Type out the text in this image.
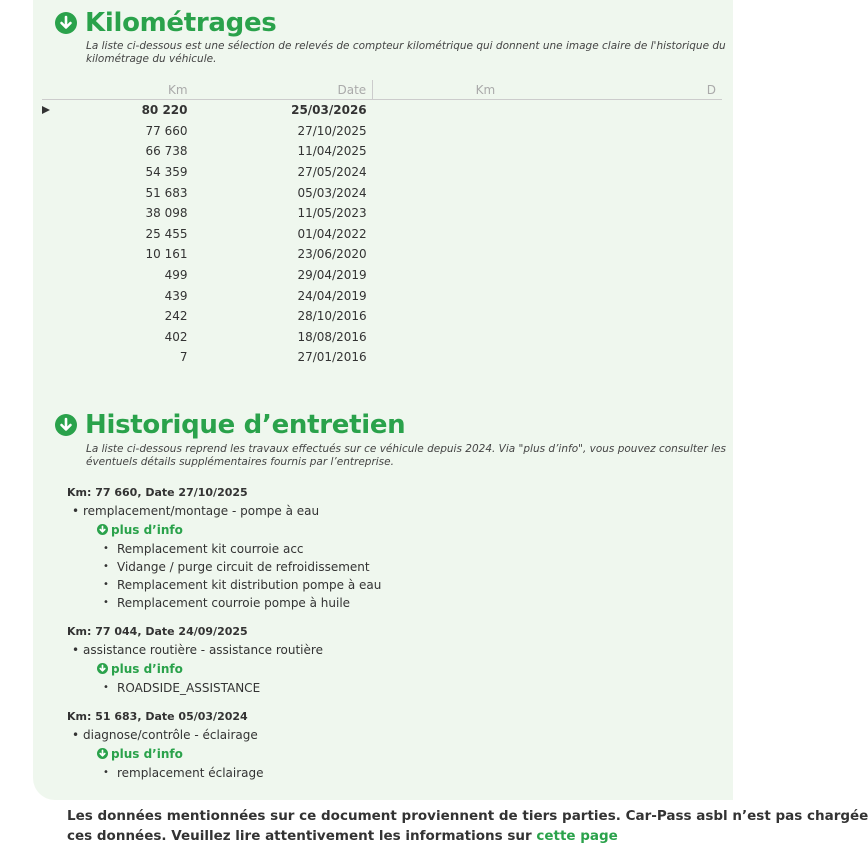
Kilométrages

La liste ci-dessous est une sélection de relevés de compteur kilométrique qui donnent une image claire de l'historique du kilométrage du véhicule.

	Km	Date	Km	D
	80 220	25/03/2026		
	77 660	27/10/2025		
	66 738	11/04/2025		
	54 359	27/05/2024		
	51 683	05/03/2024		
	38 098	11/05/2023		
	25 455	01/04/2022		
	10 161	23/06/2020		
	499	29/04/2019		
	439	24/04/2019		
	242	28/10/2016		
	402	18/08/2016		
	7	27/01/2016		
Historique d’entretien

La liste ci-dessous reprend les travaux effectués sur ce véhicule depuis 2024. Via "plus d’info", vous pouvez consulter les éventuels détails supplémentaires fournis par l’entreprise.

Km: 77 660, Date 27/10/2025

• remplacement/montage - pompe à eau

plus d’info
• Remplacement kit courroie acc
• Vidange / purge circuit de refroidissement
• Remplacement kit distribution pompe à eau
• Remplacement courroie pompe à huile

Km: 77 044, Date 24/09/2025

• assistance routière - assistance routière

plus d’info
• ROADSIDE_ASSISTANCE

Km: 51 683, Date 05/03/2024

• diagnose/contrôle - éclairage

plus d’info
• remplacement éclairage

Les données mentionnées sur ce document proviennent de tiers parties. Car-Pass asbl n’est pas chargée
ces données. Veuillez lire attentivement les informations sur cette page
